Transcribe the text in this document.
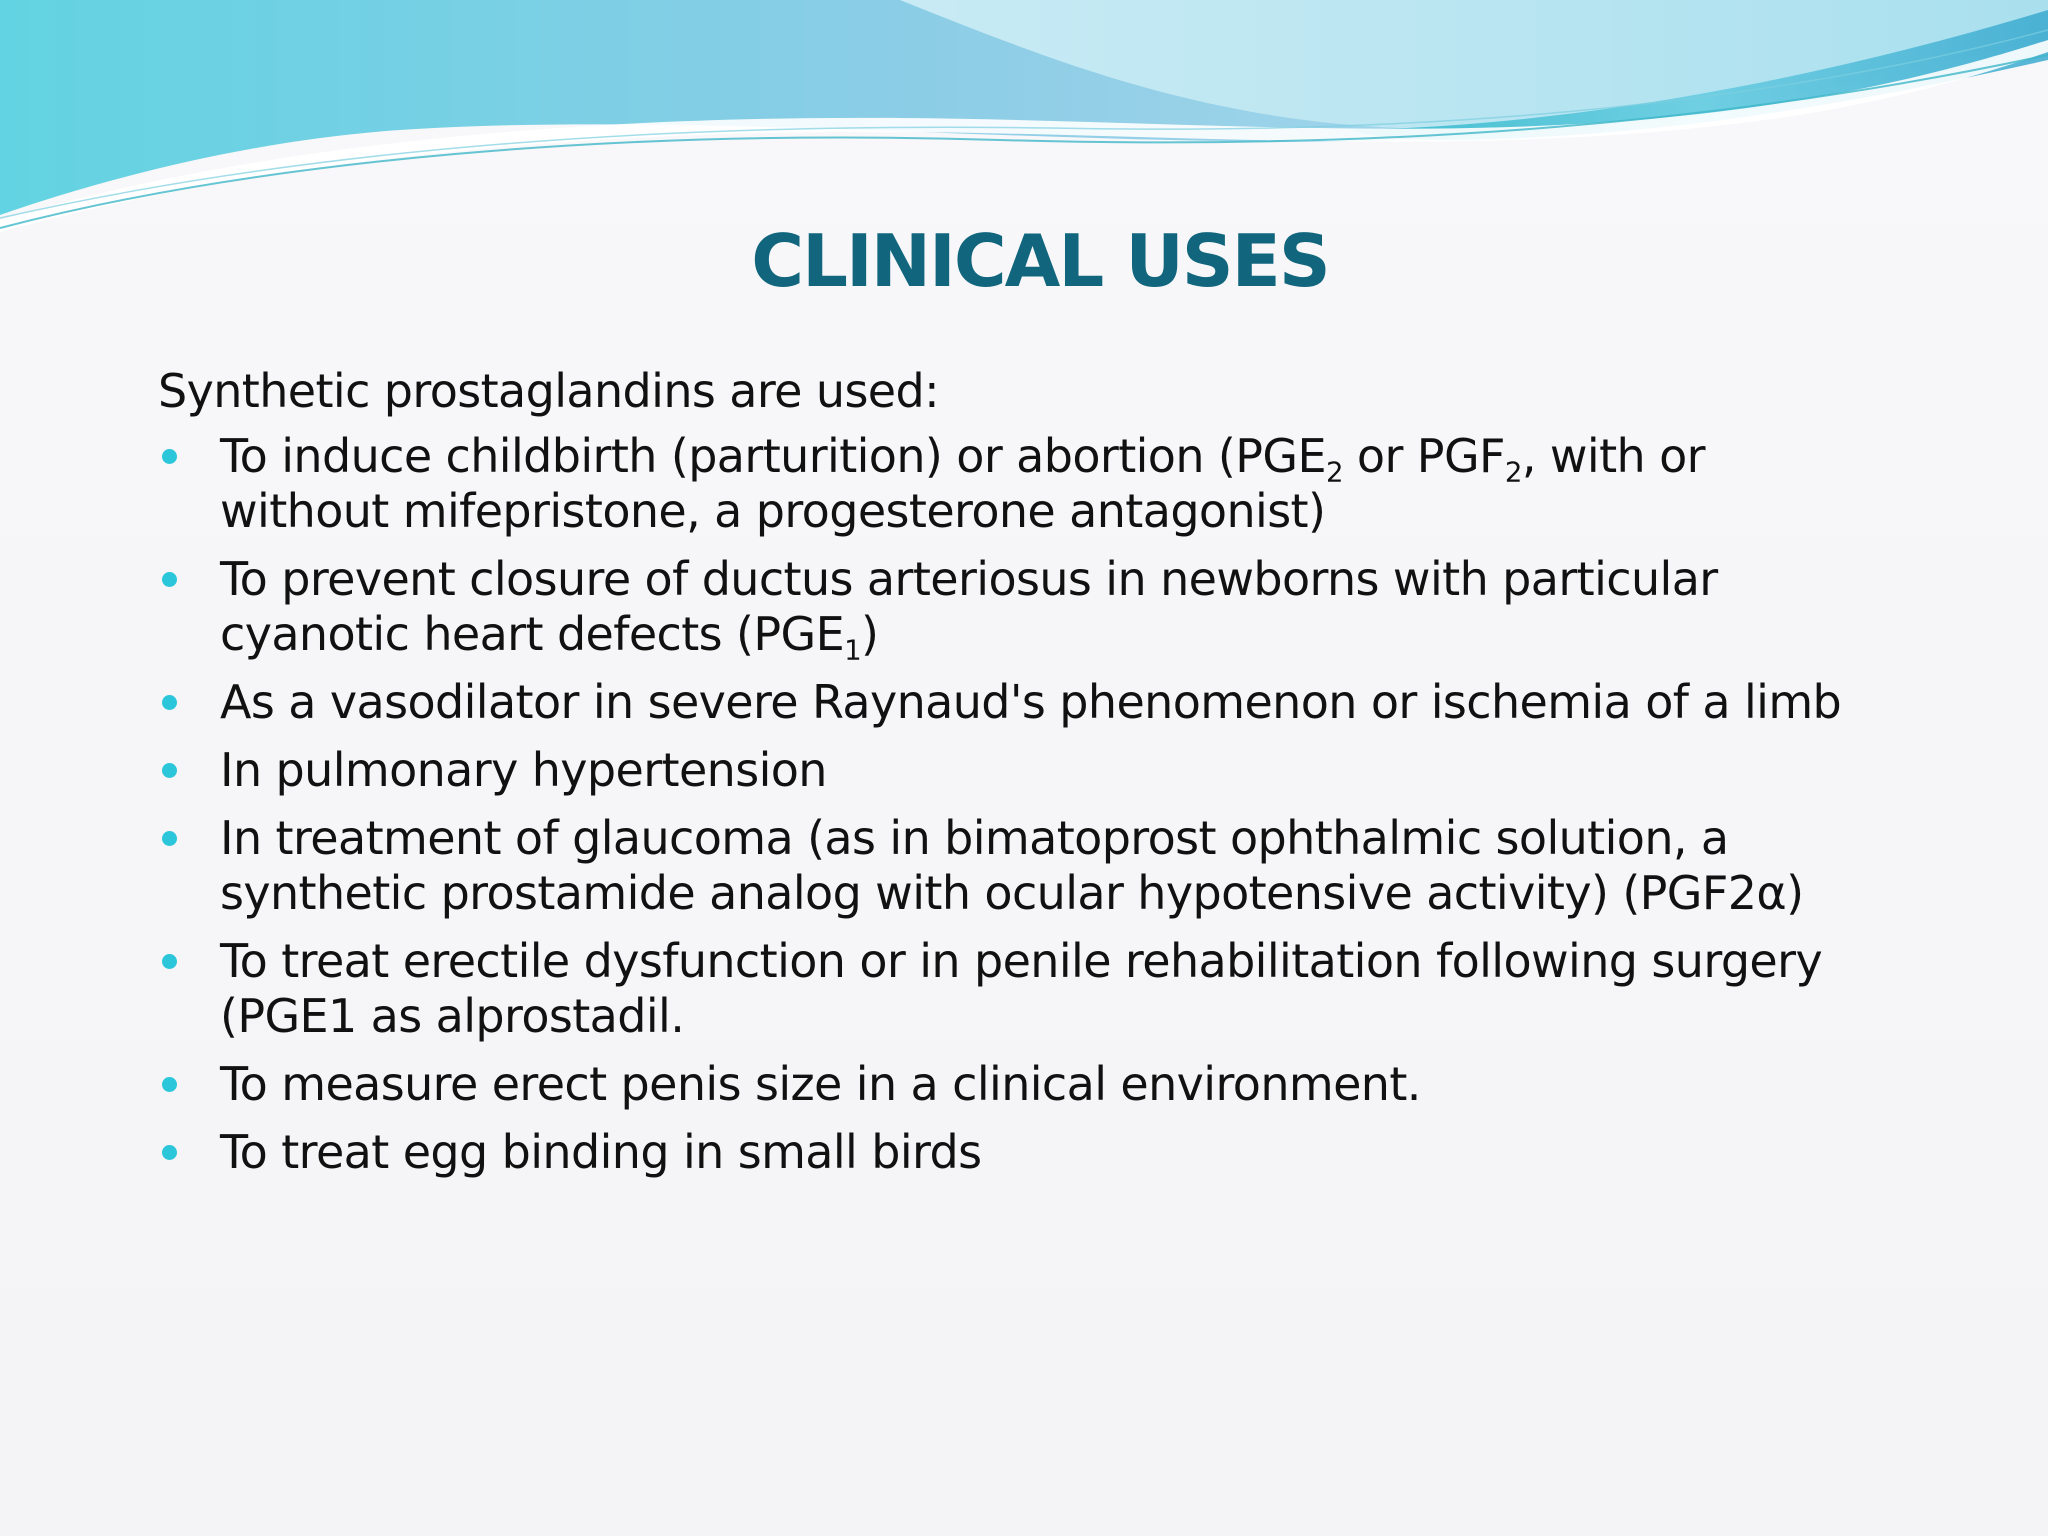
CLINICAL USES

Synthetic prostaglandins are used:

To induce childbirth (parturition) or abortion ($PGE_2$ or $PGF_2$, with or without mifepristone, a progesterone antagonist)
To prevent closure of ductus arteriosus in newborns with particular cyanotic heart defects $(PGE_1)$
As a vasodilator in severe Raynaud's phenomenon or ischemia of a limb
In pulmonary hypertension
In treatment of glaucoma (as in bimatoprost ophthalmic solution, a synthetic prostamide analog with ocular hypotensive activity) (PGF2α)
To treat erectile dysfunction or in penile rehabilitation following surgery (PGE1 as alprostadil.
To measure erect penis size in a clinical environment.
To treat egg binding in small birds
